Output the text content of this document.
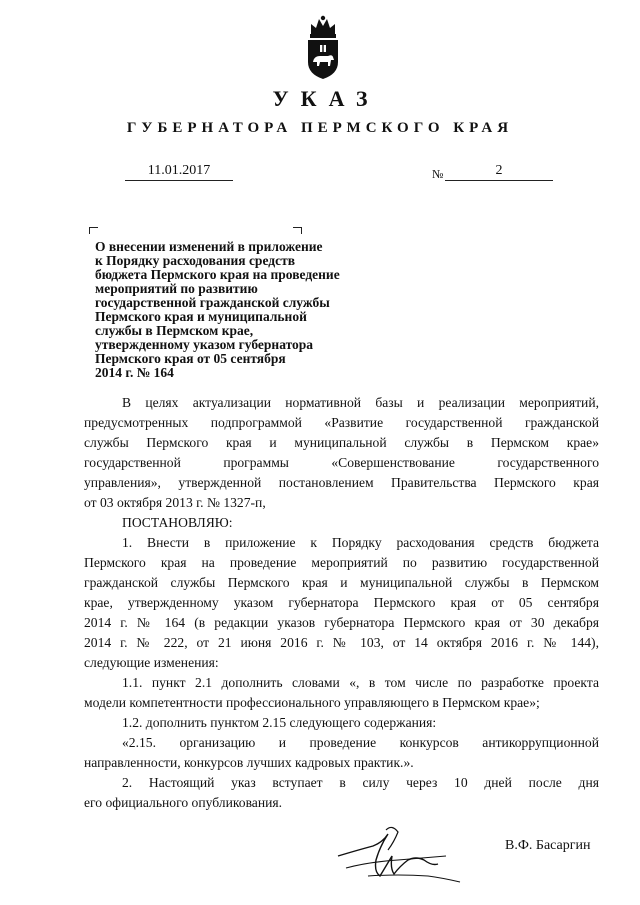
УКАЗ
ГУБЕРНАТОРА ПЕРМСКОГО КРАЯ
11.01.2017	№	2
О внесении изменений в приложение
к Порядку расходования средств
бюджета Пермского края на проведение
мероприятий по развитию
государственной гражданской службы
Пермского края и муниципальной
службы в Пермском крае,
утвержденному указом губернатора
Пермского края от 05 сентября
2014 г. № 164
В целях актуализации нормативной базы и реализации мероприятий,
предусмотренных подпрограммой «Развитие государственной гражданской
службы Пермского края и муниципальной службы в Пермском крае»
государственной программы «Совершенствование государственного
управления», утвержденной постановлением Правительства Пермского края
от 03 октября 2013 г. № 1327-п,
ПОСТАНОВЛЯЮ:
1. Внести в приложение к Порядку расходования средств бюджета
Пермского края на проведение мероприятий по развитию государственной
гражданской службы Пермского края и муниципальной службы в Пермском
крае, утвержденному указом губернатора Пермского края от 05 сентября
2014 г. № 164 (в редакции указов губернатора Пермского края от 30 декабря
2014 г. № 222, от 21 июня 2016 г. № 103, от 14 октября 2016 г. № 144),
следующие изменения:
1.1. пункт 2.1 дополнить словами «, в том числе по разработке проекта
модели компетентности профессионального управляющего в Пермском крае»;
1.2. дополнить пунктом 2.15 следующего содержания:
«2.15. организацию и проведение конкурсов антикоррупционной
направленности, конкурсов лучших кадровых практик.».
2. Настоящий указ вступает в силу через 10 дней после дня
его официального опубликования.
В.Ф. Басаргин
